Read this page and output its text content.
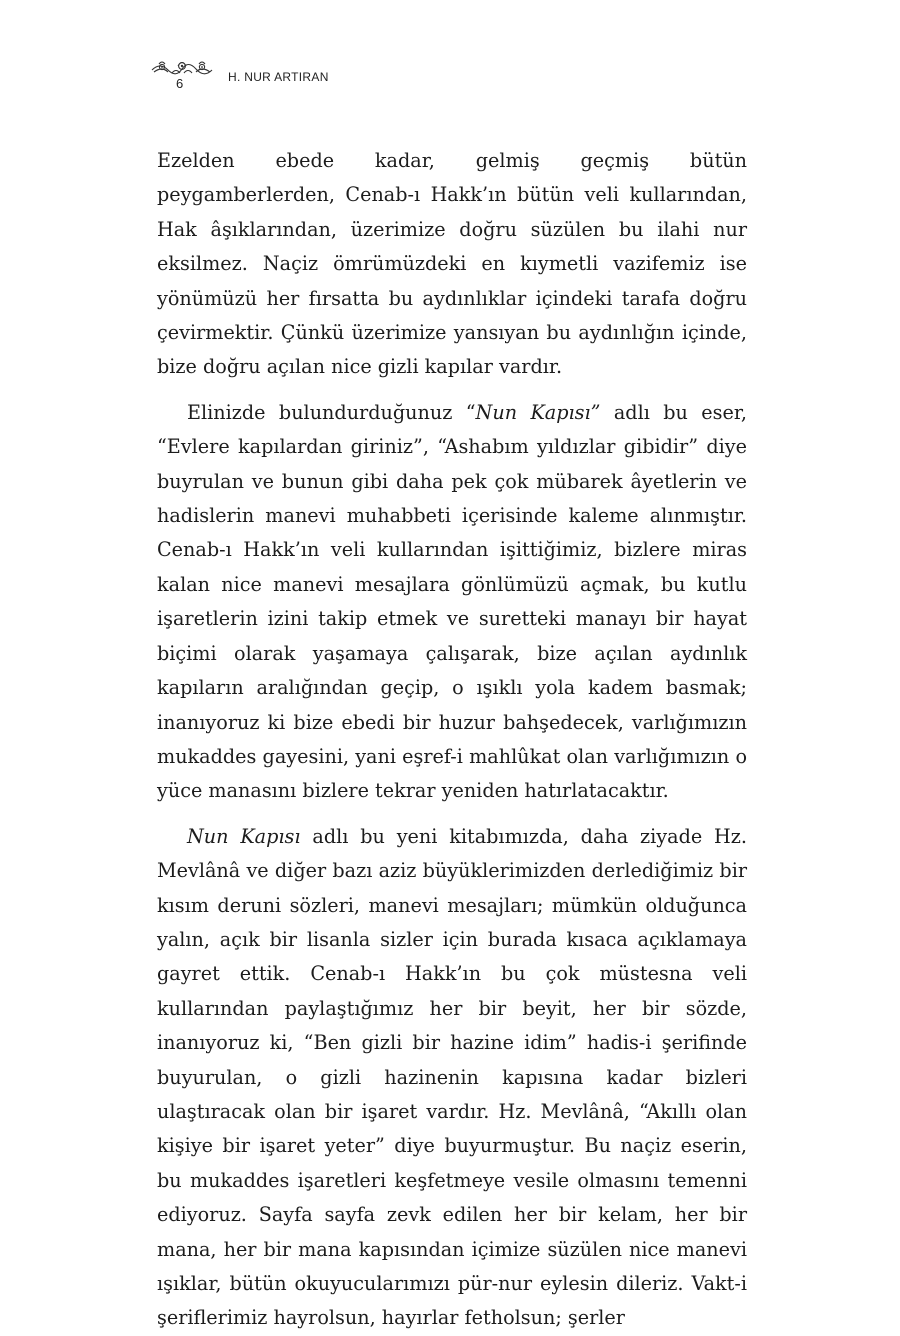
6	H. NUR ARTIRAN

Ezelden ebede kadar, gelmiş geçmiş bütün peygamberlerden, Cenab-ı Hakk’ın bütün veli kullarından, Hak âşıklarından, üzerimize doğru süzülen bu ilahi nur eksilmez. Naçiz ömrümüzdeki en kıymetli vazifemiz ise yönümüzü her fırsatta bu aydınlıklar içindeki tarafa doğru çevirmektir. Çünkü üzerimize yansıyan bu aydınlığın içinde, bize doğru açılan nice gizli kapılar vardır.

Elinizde bulundurduğunuz “Nun Kapısı” adlı bu eser, “Evlere kapılardan giriniz”, “Ashabım yıldızlar gibidir” diye buyrulan ve bunun gibi daha pek çok mübarek âyetlerin ve hadislerin manevi muhabbeti içerisinde kaleme alınmıştır. Cenab-ı Hakk’ın veli kullarından işittiğimiz, bizlere miras kalan nice manevi mesajlara gönlümüzü açmak, bu kutlu işaretlerin izini takip etmek ve suretteki manayı bir hayat biçimi olarak yaşamaya çalışarak, bize açılan aydınlık kapıların aralığından geçip, o ışıklı yola kadem basmak; inanıyoruz ki bize ebedi bir huzur bahşedecek, varlığımızın mukaddes gayesini, yani eşref-i mahlûkat olan varlığımızın o yüce manasını bizlere tekrar yeniden hatırlatacaktır.

Nun Kapısı adlı bu yeni kitabımızda, daha ziyade Hz. Mevlânâ ve diğer bazı aziz büyüklerimizden derlediğimiz bir kısım deruni sözleri, manevi mesajları; mümkün olduğunca yalın, açık bir lisanla sizler için burada kısaca açıklamaya gayret ettik. Cenab-ı Hakk’ın bu çok müstesna veli kullarından paylaştığımız her bir beyit, her bir sözde, inanıyoruz ki, “Ben gizli bir hazine idim” hadis-i şerifinde buyurulan, o gizli hazinenin kapısına kadar bizleri ulaştıracak olan bir işaret vardır. Hz. Mevlânâ, “Akıllı olan kişiye bir işaret yeter” diye buyurmuştur. Bu naçiz eserin, bu mukaddes işaretleri keşfetmeye vesile olmasını temenni ediyoruz. Sayfa sayfa zevk edilen her bir kelam, her bir mana, her bir mana kapısından içimize süzülen nice manevi ışıklar, bütün okuyucularımızı pür-nur eylesin dileriz. Vakt-i şeriflerimiz hayrolsun, hayırlar fetholsun; şerler
